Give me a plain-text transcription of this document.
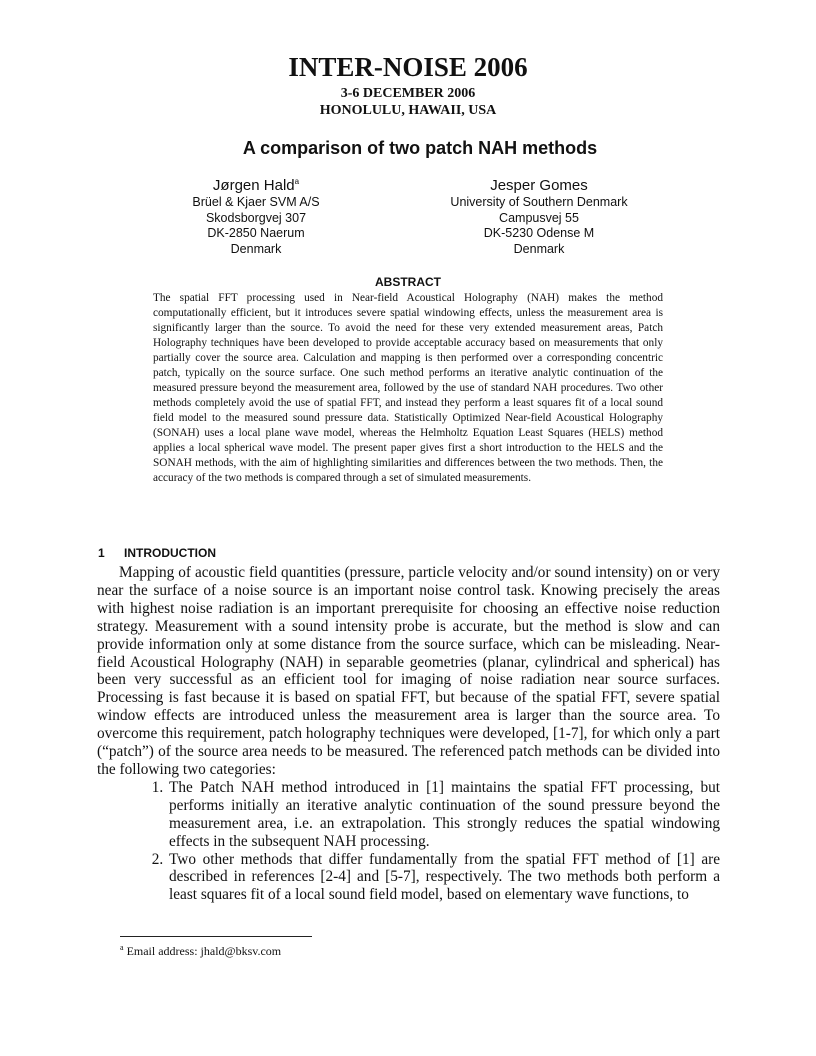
INTER-NOISE 2006
3-6 DECEMBER 2006
HONOLULU, HAWAII, USA
A comparison of two patch NAH methods
Jørgen Hald$^a$
Brüel & Kjaer SVM A/S
Skodsborgvej 307
DK-2850 Naerum
Denmark
Jesper Gomes
University of Southern Denmark
Campusvej 55
DK-5230 Odense M
Denmark
ABSTRACT
The spatial FFT processing used in Near-field Acoustical Holography (NAH) makes the method computationally efficient, but it introduces severe spatial windowing effects, unless the measurement area is significantly larger than the source. To avoid the need for these very extended measurement areas, Patch Holography techniques have been developed to provide acceptable accuracy based on measurements that only partially cover the source area. Calculation and mapping is then performed over a corresponding concentric patch, typically on the source surface. One such method performs an iterative analytic continuation of the measured pressure beyond the measurement area, followed by the use of standard NAH procedures. Two other methods completely avoid the use of spatial FFT, and instead they perform a least squares fit of a local sound field model to the measured sound pressure data. Statistically Optimized Near-field Acoustical Holography (SONAH) uses a local plane wave model, whereas the Helmholtz Equation Least Squares (HELS) method applies a local spherical wave model. The present paper gives first a short introduction to the HELS and the SONAH methods, with the aim of highlighting similarities and differences between the two methods. Then, the accuracy of the two methods is compared through a set of simulated measurements.
1 INTRODUCTION

Mapping of acoustic field quantities (pressure, particle velocity and/or sound intensity) on or very near the surface of a noise source is an important noise control task. Knowing precisely the areas with highest noise radiation is an important prerequisite for choosing an effective noise reduction strategy. Measurement with a sound intensity probe is accurate, but the method is slow and can provide information only at some distance from the source surface, which can be misleading. Near-field Acoustical Holography (NAH) in separable geometries (planar, cylindrical and spherical) has been very successful as an efficient tool for imaging of noise radiation near source surfaces. Processing is fast because it is based on spatial FFT, but because of the spatial FFT, severe spatial window effects are introduced unless the measurement area is larger than the source area. To overcome this requirement, patch holography techniques were developed, [1-7], for which only a part (“patch”) of the source area needs to be measured. The referenced patch methods can be divided into the following two categories:

1. The Patch NAH method introduced in [1] maintains the spatial FFT processing, but performs initially an iterative analytic continuation of the sound pressure beyond the measurement area, i.e. an extrapolation. This strongly reduces the spatial windowing effects in the subsequent NAH processing.
2. Two other methods that differ fundamentally from the spatial FFT method of [1] are described in references [2-4] and [5-7], respectively. The two methods both perform a least squares fit of a local sound field model, based on elementary wave functions, to
$^a$ Email address: jhald@bksv.com
